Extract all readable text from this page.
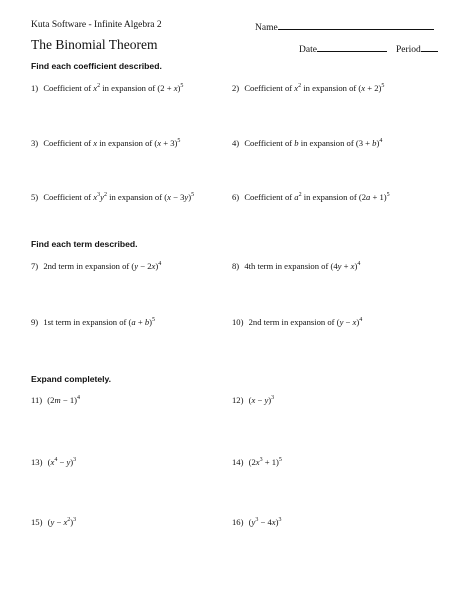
Kuta Software - Infinite Algebra 2	Name
The Binomial Theorem	Date	Period
Find each coefficient described.
1) Coefficient of $x^2$ in expansion of $(2 + x)^5$	2) Coefficient of $x^2$ in expansion of $(x + 2)^5$
3) Coefficient of x in expansion of $(x + 3)^5$	4) Coefficient of b in expansion of $(3 + b)^4$
5) Coefficient of $x^3y^2$ in expansion of $(x - 3y)^5$	6) Coefficient of $a^2$ in expansion of $(2a + 1)^5$
Find each term described.
7) 2nd term in expansion of $(y - 2x)^4$	8) 4th term in expansion of $(4y + x)^4$
9) 1st term in expansion of $(a + b)^5$	10) 2nd term in expansion of $(y - x)^4$
Expand completely.
11) $(2m - 1)^4$	12) $(x - y)^3$
13) $(x^4 - y)^3$	14) $(2x^3 + 1)^5$
15) $(y - x^2)^3$	16) $(y^3 - 4x)^3$
